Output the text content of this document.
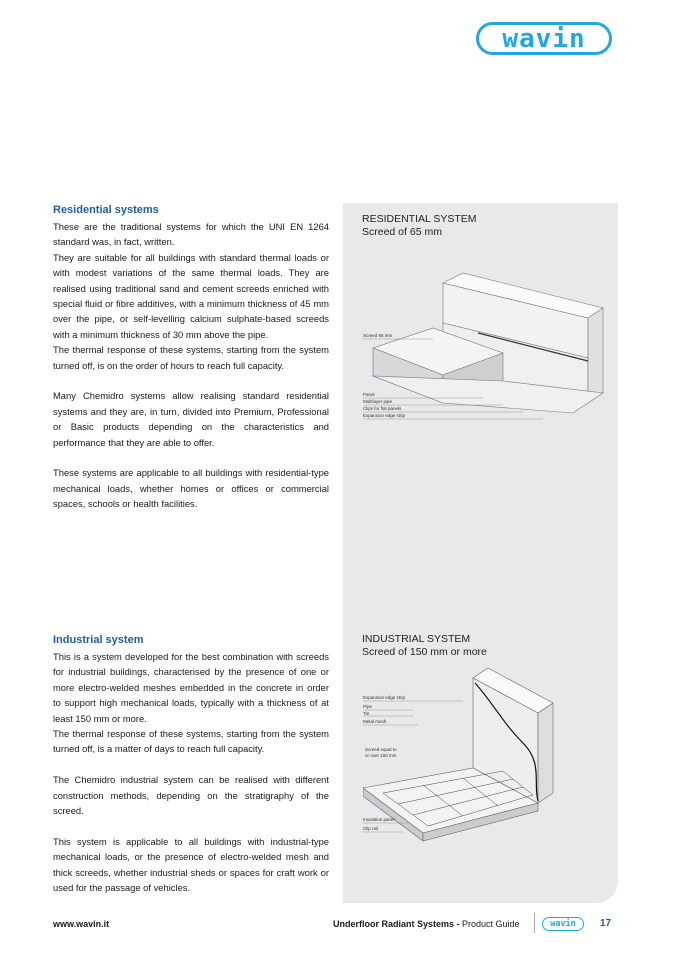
wavin
Residential systems
These are the traditional systems for which the UNI EN 1264 standard was, in fact, written.
They are suitable for all buildings with standard thermal loads or with modest variations of the same thermal loads. They are realised using traditional sand and cement screeds enriched with special fluid or fibre additives, with a minimum thickness of 45 mm over the pipe, or self-levelling calcium sulphate-based screeds with a minimum thickness of 30 mm above the pipe.

The thermal response of these systems, starting from the system turned off, is on the order of hours to reach full capacity.

Many Chemidro systems allow realising standard residential systems and they are, in turn, divided into Premium, Professional or Basic products depending on the characteristics and performance that they are able to offer.

These systems are applicable to all buildings with residential-type mechanical loads, whether homes or offices or commercial spaces, schools or health facilities.

Industrial system
This is a system developed for the best combination with screeds for industrial buildings, characterised by the presence of one or more electro-welded meshes embedded in the concrete in order to support high mechanical loads, typically with a thickness of at least 150 mm or more.

The thermal response of these systems, starting from the system turned off, is a matter of days to reach full capacity.

The Chemidro industrial system can be realised with different construction methods, depending on the stratigraphy of the screed.

This system is applicable to all buildings with industrial-type mechanical loads, or the presence of electro-welded mesh and thick screeds, whether industrial sheds or spaces for craft work or used for the passage of vehicles.

RESIDENTIAL SYSTEM
Screed of 65 mm
Screed 65 mm
Panel
Multilayer pipe
Clips for flat panels
Expansion edge strip
INDUSTRIAL SYSTEM
Screed of 150 mm or more
Expansion edge strip
Pipe
Tie
Metal mesh
Screed equal to
or over 150 mm
Insulation panel
Clip rail
www.wavin.it	Underfloor Radiant Systems - Product Guide	wavin	17
